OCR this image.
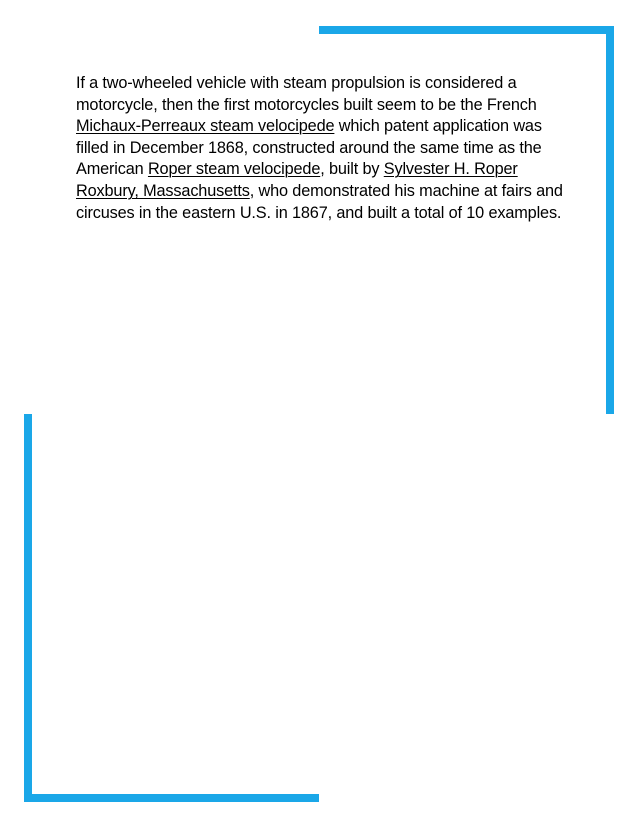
If a two-wheeled vehicle with steam propulsion is considered a
motorcycle, then the first motorcycles built seem to be the French
Michaux-Perreaux steam velocipede which patent application was
filled in December 1868, constructed around the same time as the
American Roper steam velocipede, built by Sylvester H. Roper
Roxbury, Massachusetts, who demonstrated his machine at fairs and
circuses in the eastern U.S. in 1867, and built a total of 10 examples.
